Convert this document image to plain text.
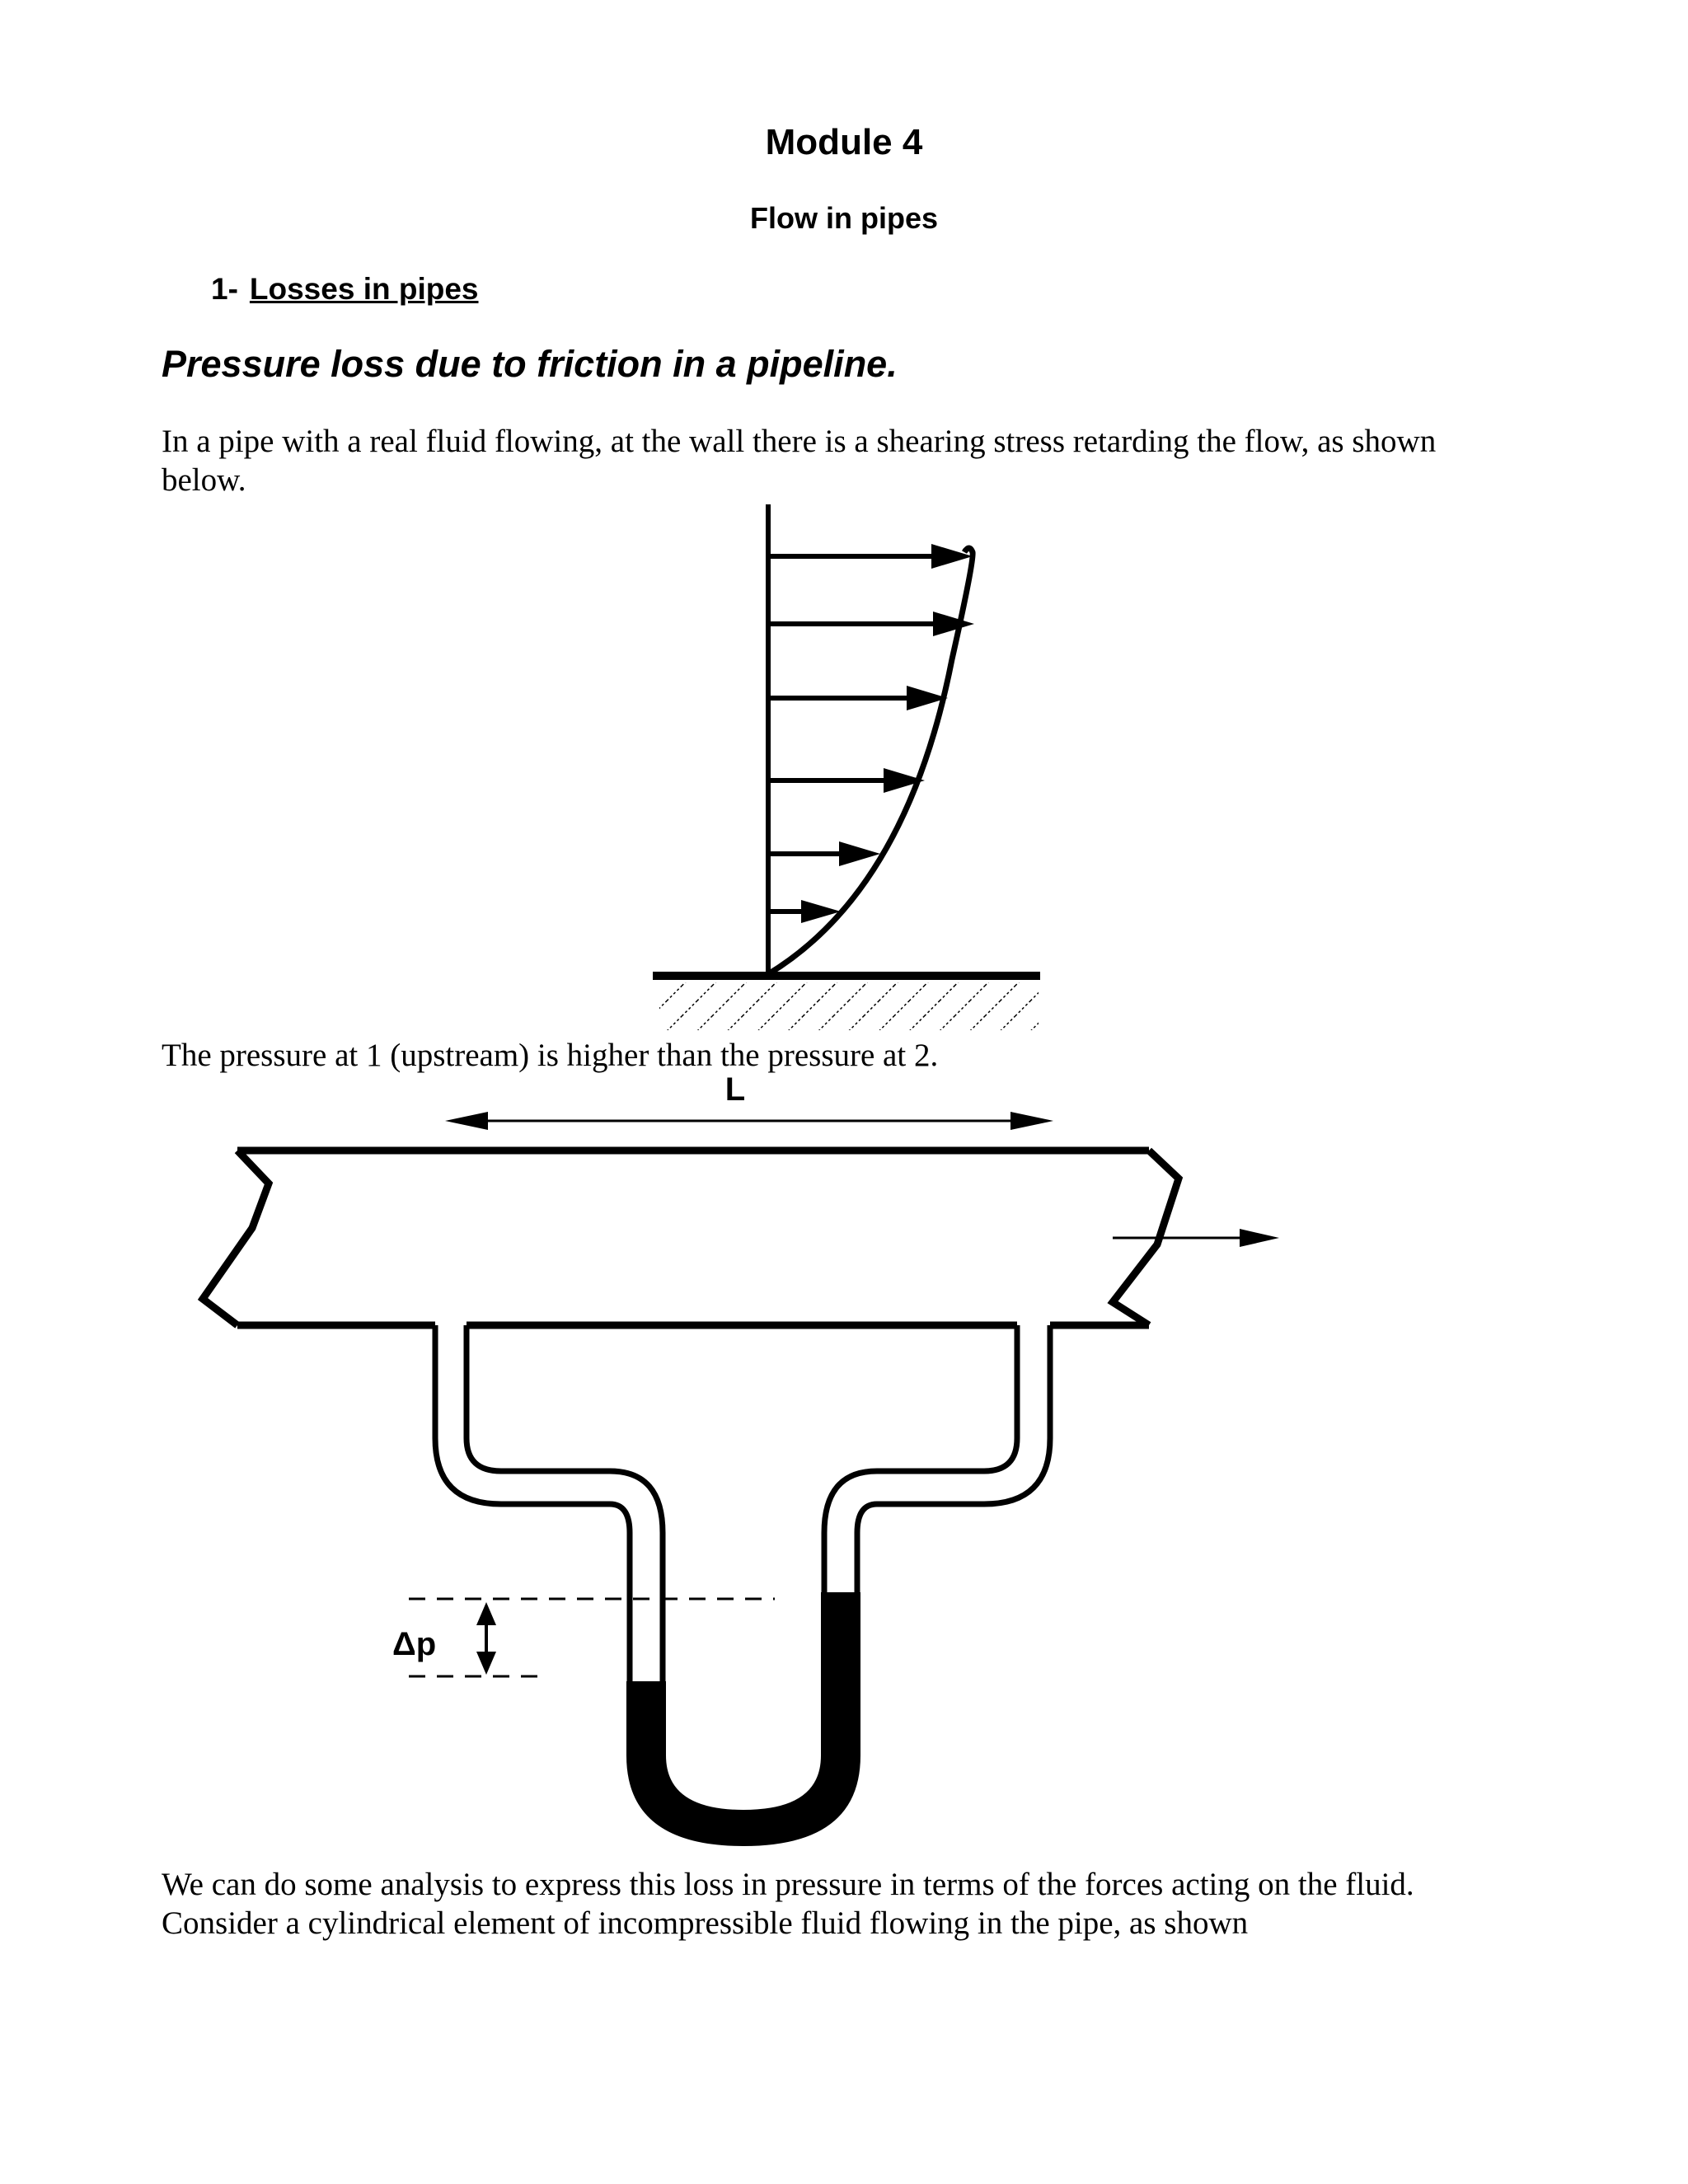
Module 4
Flow in pipes
1- Losses in pipes
Pressure loss due to friction in a pipeline.
In a pipe with a real fluid flowing, at the wall there is a shearing stress retarding the flow, as shown below.
The pressure at 1 (upstream) is higher than the pressure at 2.
L
Δp
We can do some analysis to express this loss in pressure in terms of the forces acting on the fluid. Consider a cylindrical element of incompressible fluid flowing in the pipe, as shown
